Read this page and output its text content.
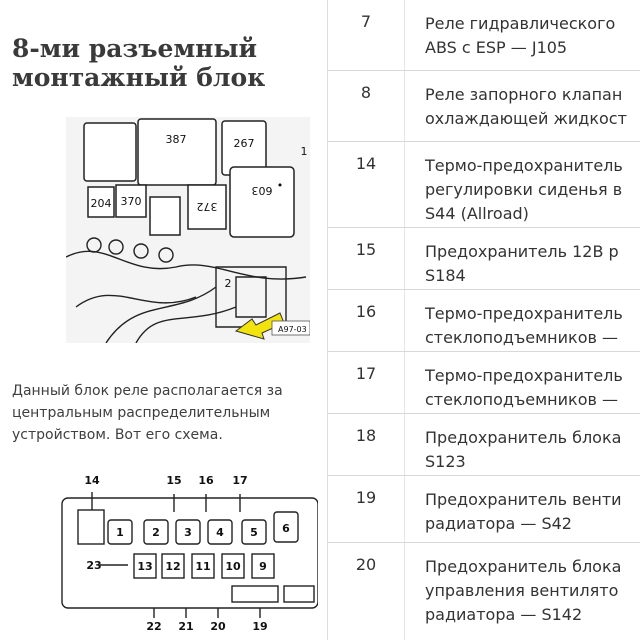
8-ми разъемный
монтажный блок
387	267
204 370	372
603
1
2
•
A97-03

Данный блок реле располагается за
центральным распределительным
устройством. Вот его схема.

14	15 16 17
1	2 3 4 5 6
13 12 11 10 9
23
22 21 20 19
7	Реле гидравлического
ABS с ESP — J105
8	Реле запорного клапан
охлаждающей жидкост
14	Термо-предохранитель
регулировки сиденья в
S44 (Allroad)
15	Предохранитель 12В р
S184
16	Термо-предохранитель
стеклоподъемников —
17	Термо-предохранитель
стеклоподъемников —
18	Предохранитель блока
S123
19	Предохранитель венти
радиатора — S42
20	Предохранитель блока
управления вентилято
радиатора — S142
